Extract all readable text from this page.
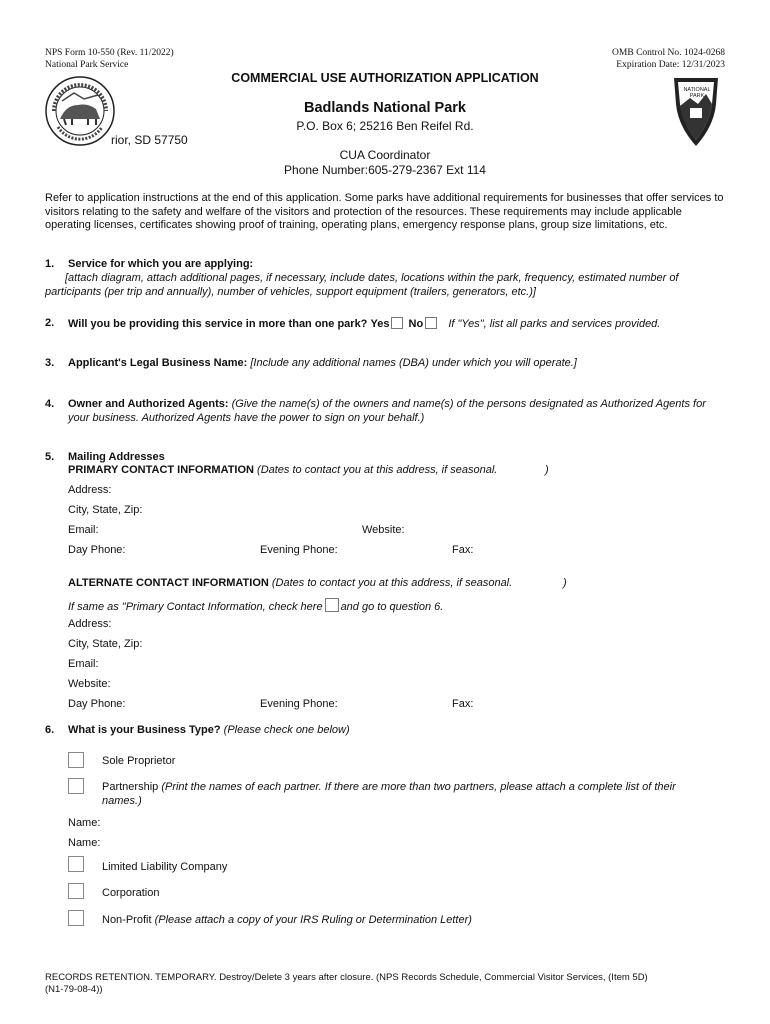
NPS Form 10-550 (Rev. 11/2022)
National Park Service
OMB Control No. 1024-0268
Expiration Date: 12/31/2023
NATIONAL
PARK
COMMERCIAL USE AUTHORIZATION APPLICATION
Badlands National Park
P.O. Box 6; 25216 Ben Reifel Rd.
rior, SD 57750
CUA Coordinator
Phone Number:605-279-2367 Ext 114
Refer to application instructions at the end of this application. Some parks have additional requirements for businesses that offer services to visitors relating to the safety and welfare of the visitors and protection of the resources. These requirements may include applicable operating licenses, certificates showing proof of training, operating plans, emergency response plans, group size limitations, etc.
1. Service for which you are applying:
[attach diagram, attach additional pages, if necessary, include dates, locations within the park, frequency, estimated number of participants (per trip and annually), number of vehicles, support equipment (trailers, generators, etc.)]
2. Will you be providing this service in more than one park? Yes No If "Yes", list all parks and services provided.
3. Applicant's Legal Business Name: [Include any additional names (DBA) under which you will operate.]
4. Owner and Authorized Agents: (Give the name(s) of the owners and name(s) of the persons designated as Authorized Agents for your business. Authorized Agents have the power to sign on your behalf.)
5. Mailing Addresses
PRIMARY CONTACT INFORMATION (Dates to contact you at this address, if seasonal.	)
Address:
City, State, Zip:
Email:	Website:
Day Phone:	Evening Phone:	Fax:
ALTERNATE CONTACT INFORMATION (Dates to contact you at this address, if seasonal.	)
If same as "Primary Contact Information, check here and go to question 6.
Address:
City, State, Zip:
Email:
Website:
Day Phone:	Evening Phone:	Fax:
6. What is your Business Type? (Please check one below)
Sole Proprietor
Partnership (Print the names of each partner. If there are more than two partners, please attach a complete list of their names.)
Name:
Name:
Limited Liability Company
Corporation
Non-Profit (Please attach a copy of your IRS Ruling or Determination Letter)
RECORDS RETENTION. TEMPORARY. Destroy/Delete 3 years after closure. (NPS Records Schedule, Commercial Visitor Services, (Item 5D) (N1-79-08-4))
